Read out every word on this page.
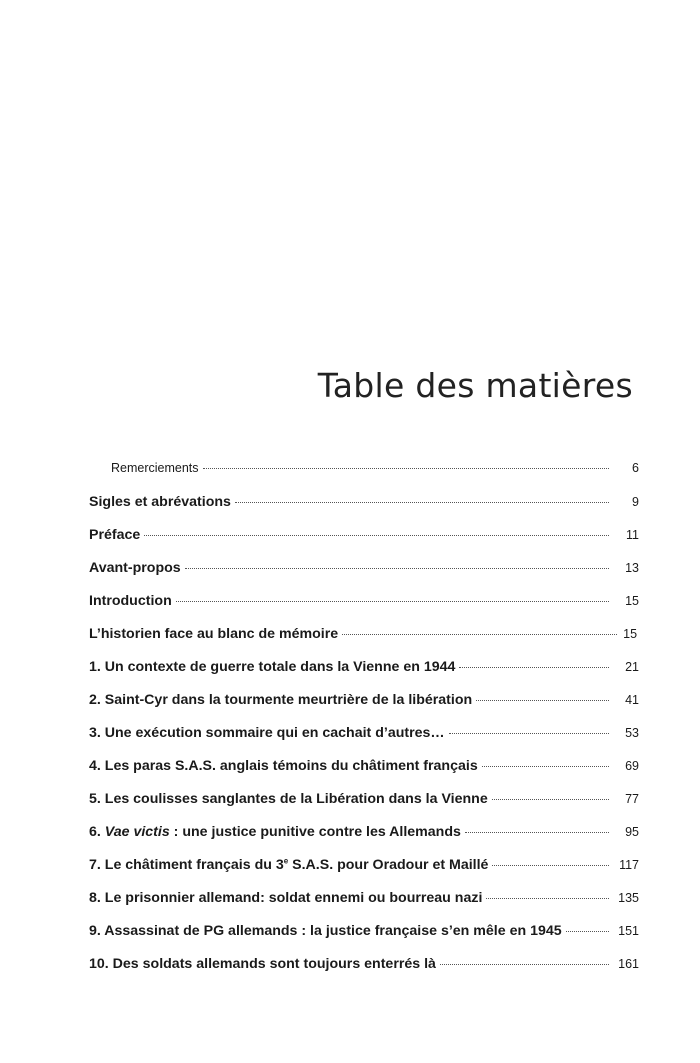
Table des matières
Remerciements	6
Sigles et abrévations	9
Préface	11
Avant-propos	13
Introduction	15
L’historien face au blanc de mémoire	15
1. Un contexte de guerre totale dans la Vienne en 1944	21
2. Saint-Cyr dans la tourmente meurtrière de la libération	41
3. Une exécution sommaire qui en cachait d’autres…	53
4. Les paras S.A.S. anglais témoins du châtiment français	69
5. Les coulisses sanglantes de la Libération dans la Vienne	77
6. Vae victis : une justice punitive contre les Allemands	95
7. Le châtiment français du 3e S.A.S. pour Oradour et Maillé	117
8. Le prisonnier allemand: soldat ennemi ou bourreau nazi	135
9. Assassinat de PG allemands : la justice française s’en mêle en 1945	151
10. Des soldats allemands sont toujours enterrés là	161
